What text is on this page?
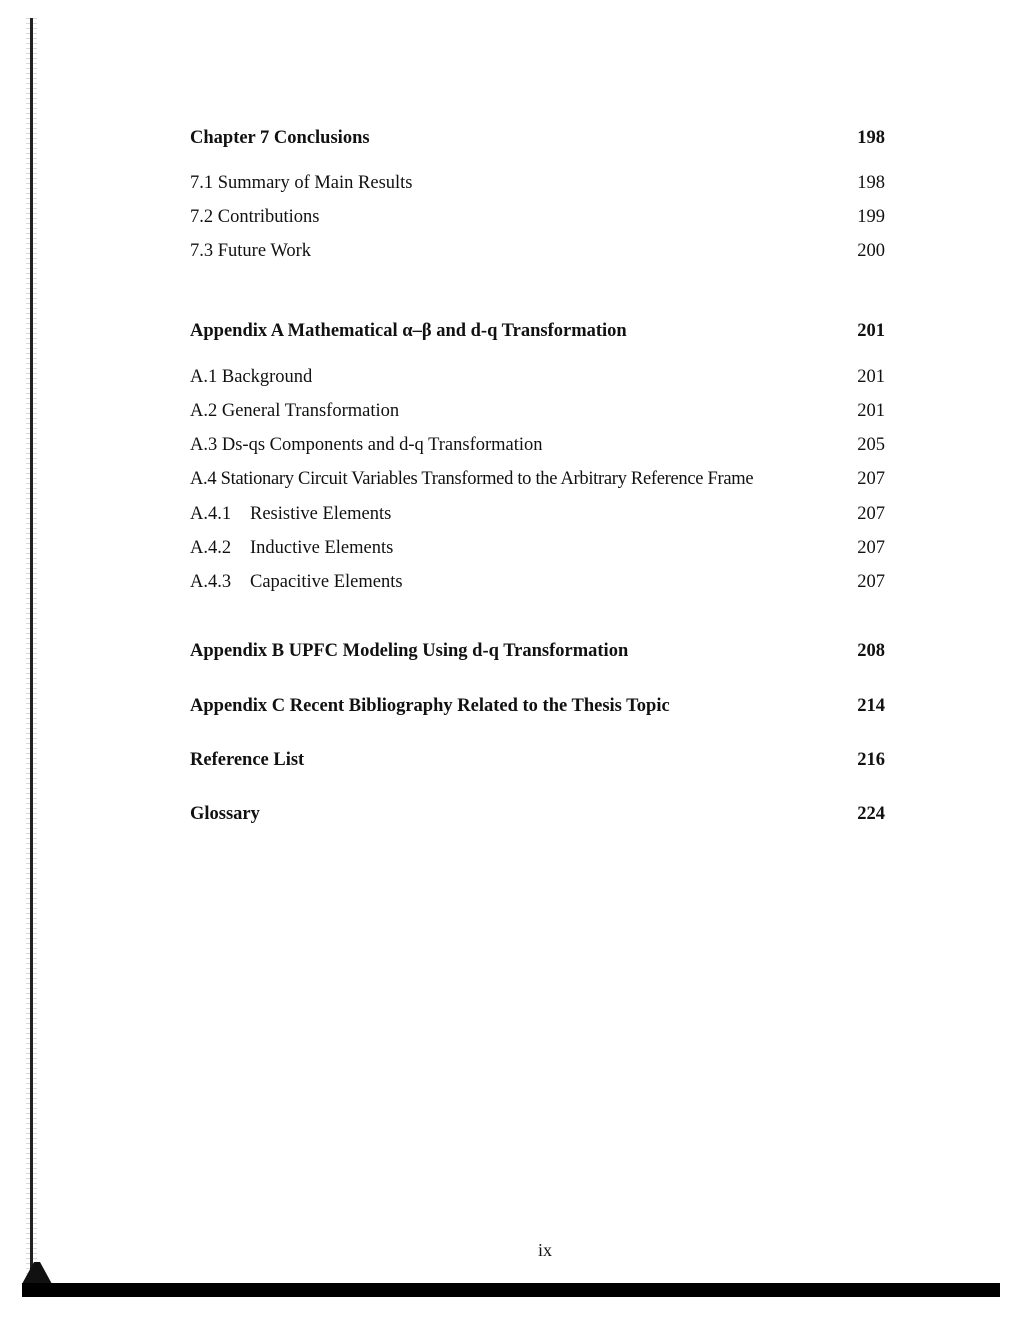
Chapter 7 Conclusions	198
7.1 Summary of Main Results	198
7.2 Contributions	199
7.3 Future Work	200
Appendix A Mathematical α–β and d-q Transformation	201
A.1 Background	201
A.2 General Transformation	201
A.3 Ds-qs Components and d-q Transformation	205
A.4 Stationary Circuit Variables Transformed to the Arbitrary Reference Frame	207
A.4.1 Resistive Elements	207
A.4.2 Inductive Elements	207
A.4.3 Capacitive Elements	207
Appendix B UPFC Modeling Using d-q Transformation	208
Appendix C Recent Bibliography Related to the Thesis Topic	214
Reference List	216
Glossary	224
ix
